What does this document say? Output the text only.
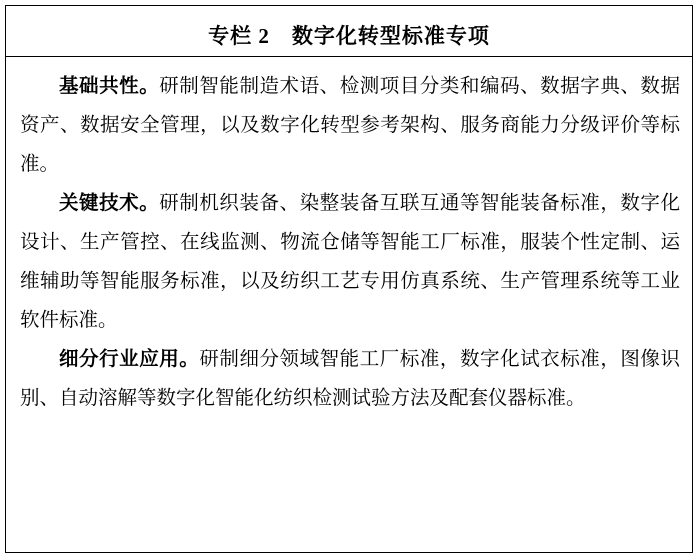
专栏 2　数字化转型标准专项

基础共性。研制智能制造术语、检测项目分类和编码、数据字典、数据资产、数据安全管理，以及数字化转型参考架构、服务商能力分级评价等标准。

关键技术。研制机织装备、染整装备互联互通等智能装备标准，数字化设计、生产管控、在线监测、物流仓储等智能工厂标准，服装个性定制、运维辅助等智能服务标准，以及纺织工艺专用仿真系统、生产管理系统等工业软件标准。

细分行业应用。研制细分领域智能工厂标准，数字化试衣标准，图像识别、自动溶解等数字化智能化纺织检测试验方法及配套仪器标准。
